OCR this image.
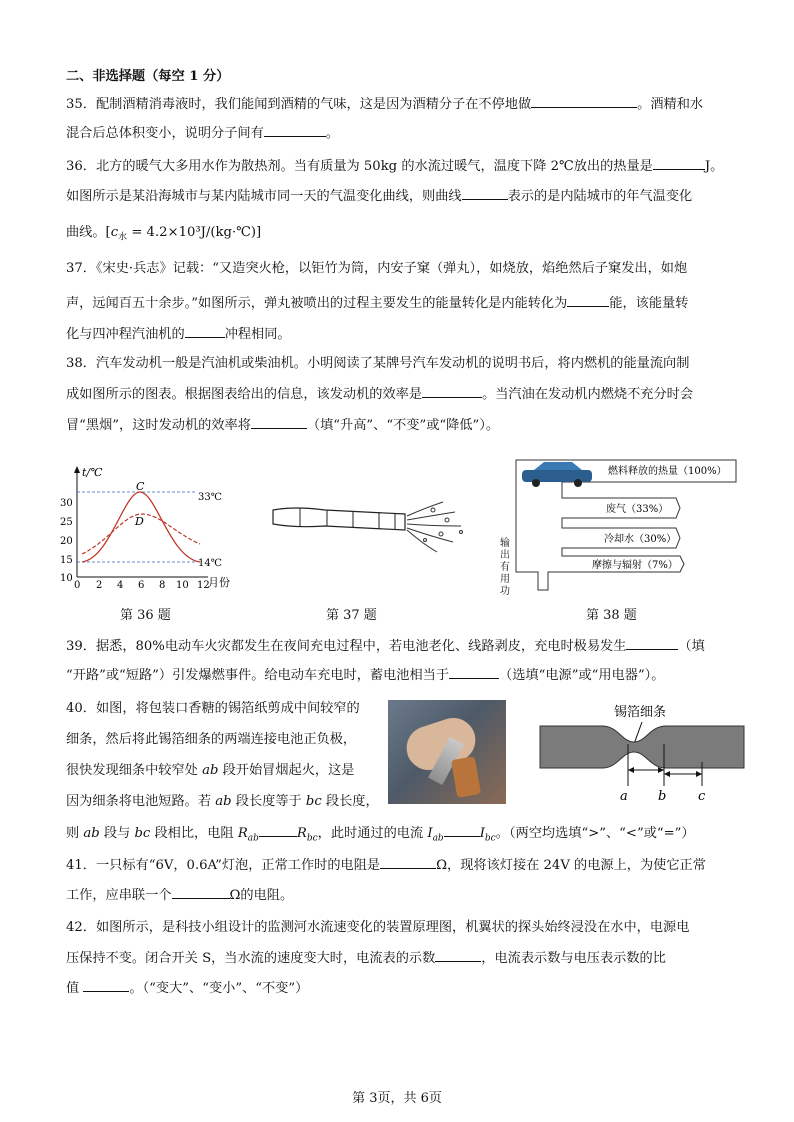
二、非选择题（每空 1 分）
35．配制酒精消毒液时，我们能闻到酒精的气味，这是因为酒精分子在不停地做	。酒精和水
混合后总体积变小，说明分子间有	。
36．北方的暖气大多用水作为散热剂。当有质量为 50kg 的水流过暖气，温度下降 2℃放出的热量是	J。
如图所示是某沿海城市与某内陆城市同一天的气温变化曲线，则曲线	表示的是内陆城市的年气温变化
曲线。[$c_水$ = 4.2×10³J/(kg·℃)]
37．《宋史·兵志》记载：“又造突火枪，以钜竹为筒，内安子窠（弹丸），如烧放，焰绝然后子窠发出，如炮
声，远闻百五十余步。”如图所示，弹丸被喷出的过程主要发生的能量转化是内能转化为	能，该能量转
化与四冲程汽油机的	冲程相同。
38．汽车发动机一般是汽油机或柴油机。小明阅读了某牌号汽车发动机的说明书后，将内燃机的能量流向制
成如图所示的图表。根据图表给出的信息，该发动机的效率是	。当汽油在发动机内燃烧不充分时会
冒“黑烟”，这时发动机的效率将	（填“升高”、“不变”或“降低”）。
t/℃
月份
10
15
20
25
30
0 2 4 6 8 10 12
C
D
33℃
14℃
第 36 题	第 37 题
燃料释放的热量（100%）
废气（33%）
冷却水（30%）
摩擦与辐射（7%）
输出有用功
第 38 题
39．据悉，80%电动车火灾都发生在夜间充电过程中，若电池老化、线路剥皮，充电时极易发生	（填
“开路”或“短路”）引发爆燃事件。给电动车充电时，蓄电池相当于	（选填“电源”或“用电器”）。
40．如图，将包装口香糖的锡箔纸剪成中间较窄的
细条，然后将此锡箔细条的两端连接电池正负极，
很快发现细条中较窄处 ab 段开始冒烟起火，这是
因为细条将电池短路。若 ab 段长度等于 bc 段长度，
则 ab 段与 bc 段相比，电阻 $R_{ab}$	$R_{bc}$，此时通过的电流 $I_{ab}$	$I_{bc}$。（两空均选填“>”、“<”或“=”）
锡箔细条
a b c
41．一只标有“6V，0.6A”灯泡，正常工作时的电阻是	Ω，现将该灯接在 24V 的电源上，为使它正常
工作，应串联一个	Ω的电阻。
42．如图所示，是科技小组设计的监测河水流速变化的装置原理图，机翼状的探头始终浸没在水中，电源电
压保持不变。闭合开关 S，当水流的速度变大时，电流表的示数	，电流表示数与电压表示数的比
值	。（“变大”、“变小”、“不变”）
第 3页，共 6页
